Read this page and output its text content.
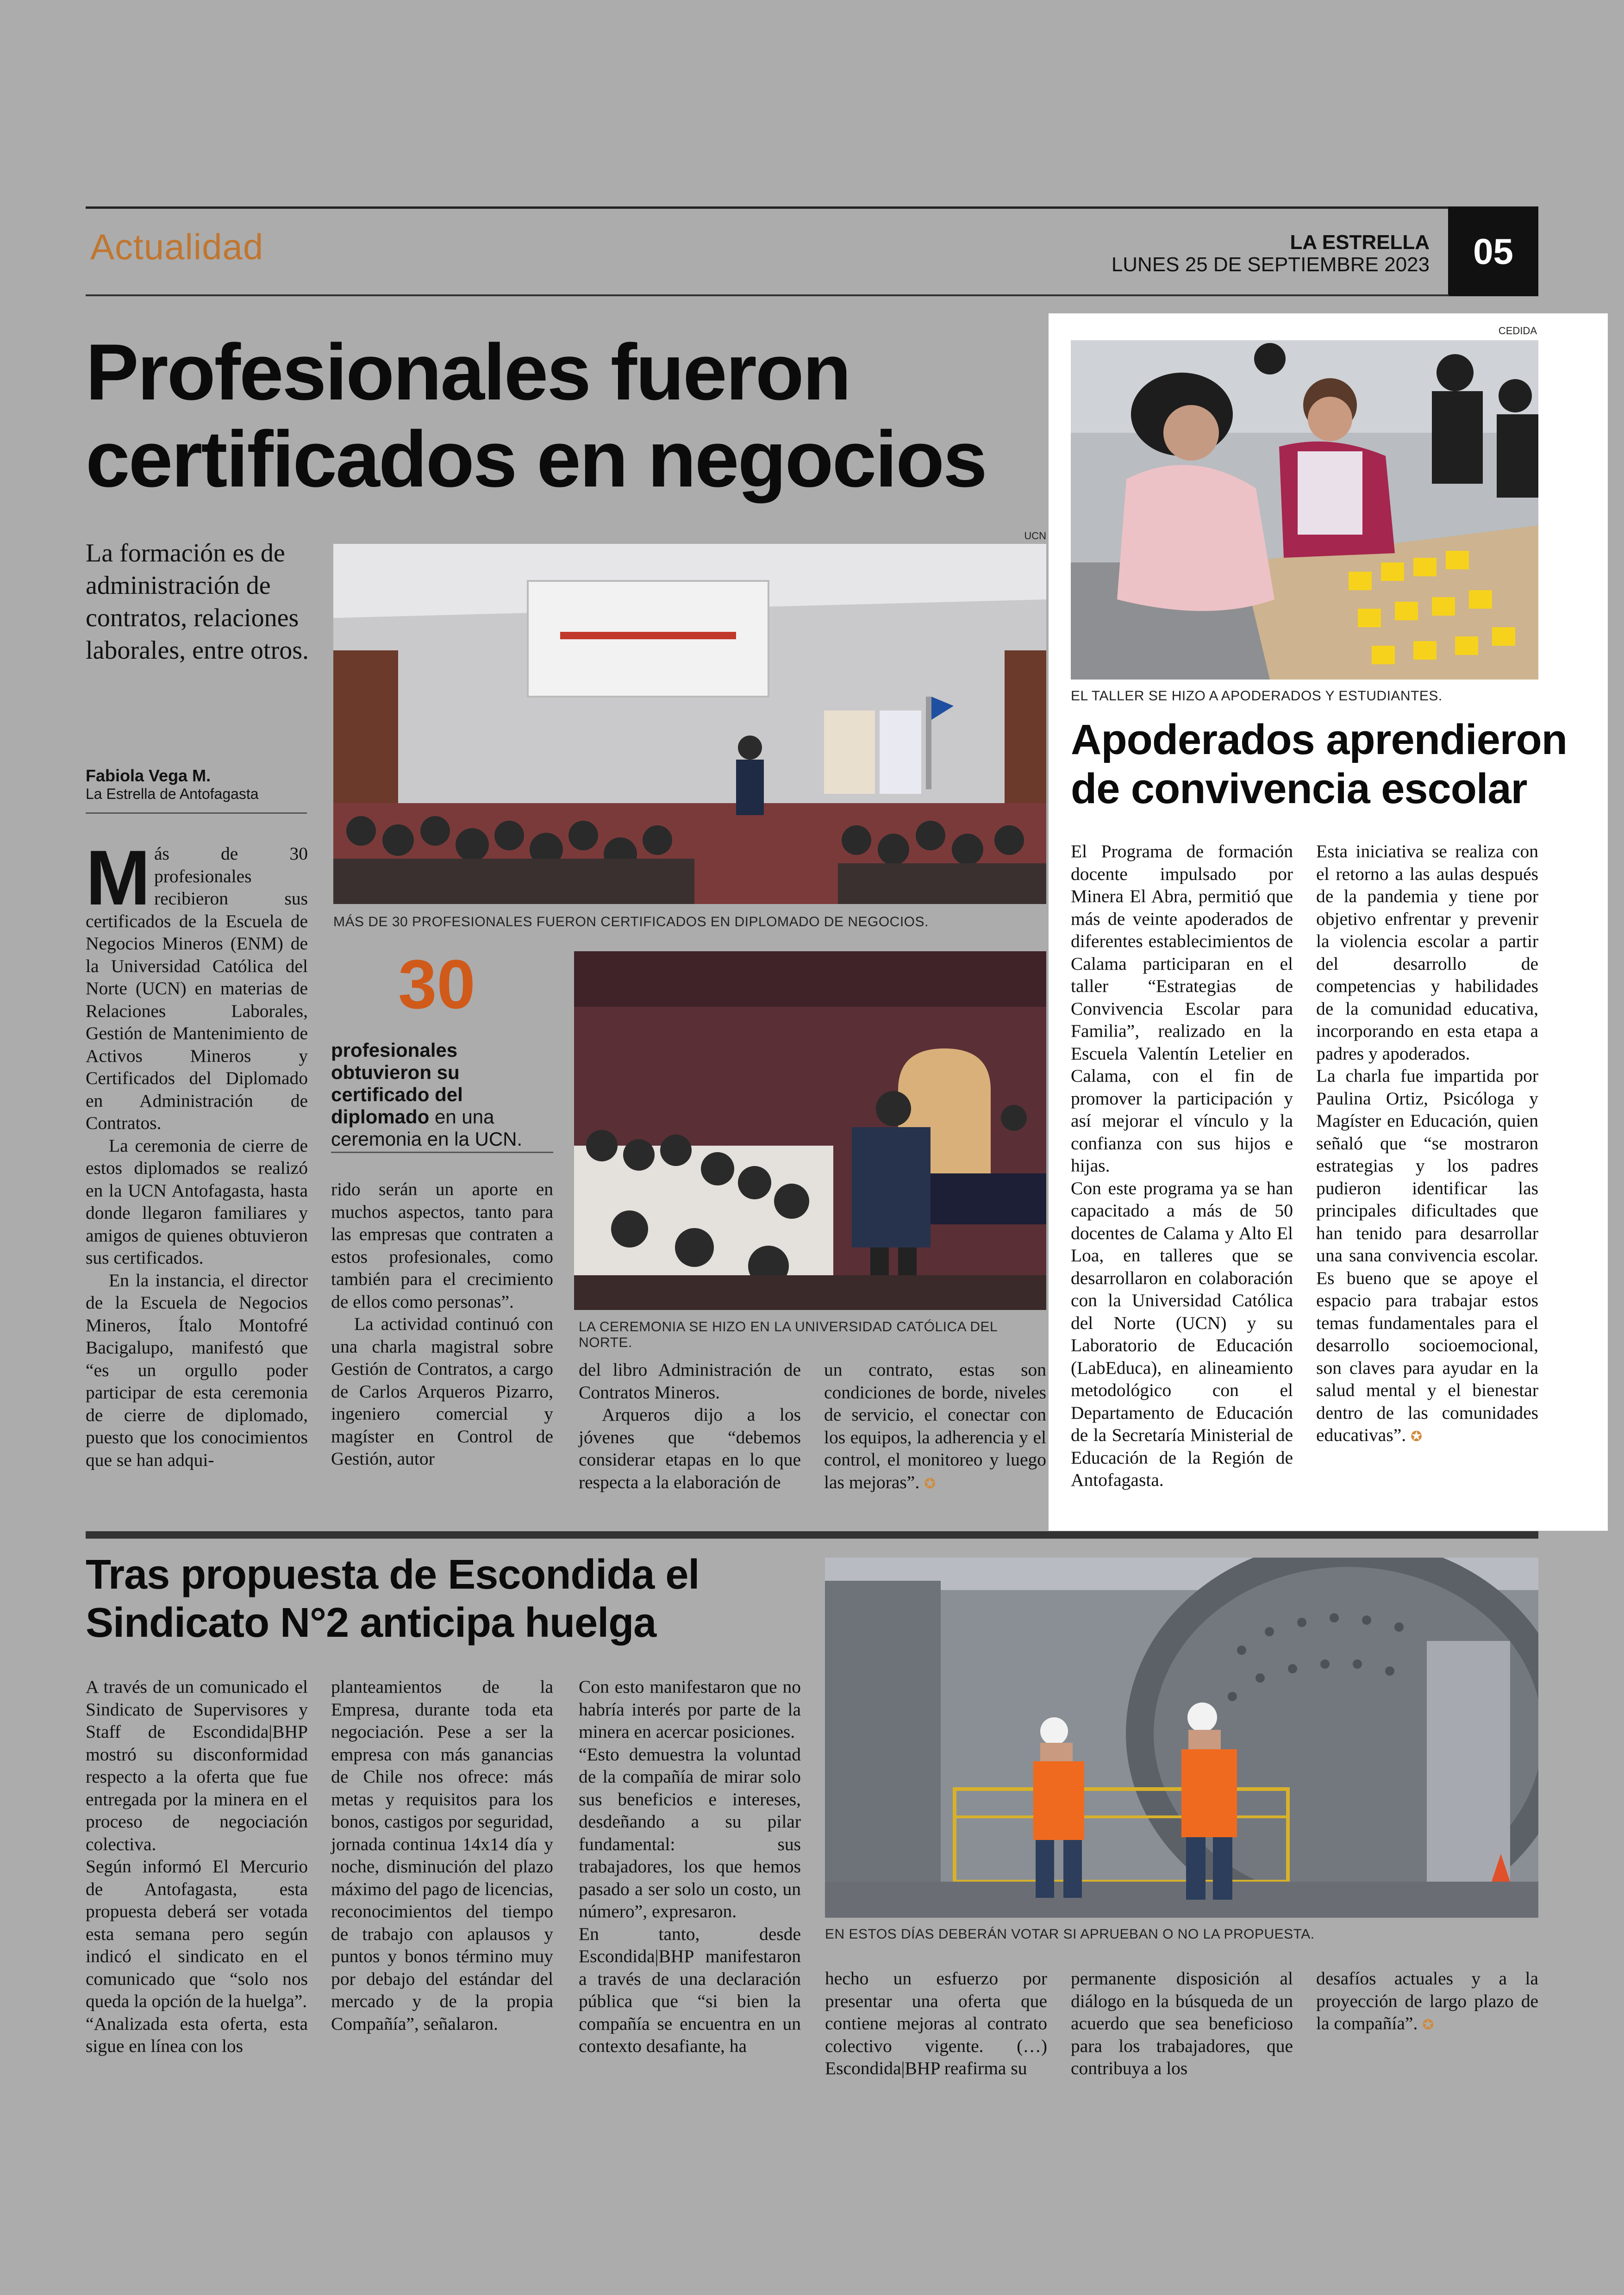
Actualidad	LA ESTRELLA
LUNES 25 DE SEPTIEMBRE 2023	05
Profesionales fueron
certificados en negocios
La formación es de administración de contratos, relaciones laborales, entre otros.
Fabiola Vega M.
La Estrella de Antofagasta
UCN
MÁS DE 30 PROFESIONALES FUERON CERTIFICADOS EN DIPLOMADO DE NEGOCIOS.
30
profesionales obtuvieron su certificado del diplomado en una ceremonia en la UCN.
LA CEREMONIA SE HIZO EN LA UNIVERSIDAD CATÓLICA DEL NORTE.

Más de 30 profesionales recibieron sus certificados de la Escuela de Negocios Mineros (ENM) de la Universidad Católica del Norte (UCN) en materias de Relaciones Laborales, Gestión de Mantenimiento de Activos Mineros y Certificados del Diplomado en Administración de Contratos.

La ceremonia de cierre de estos diplomados se realizó en la UCN Antofagasta, hasta donde llegaron familiares y amigos de quienes obtuvieron sus certificados.

En la instancia, el director de la Escuela de Negocios Mineros, Ítalo Montofré Bacigalupo, manifestó que “es un orgullo poder participar de esta ceremonia de cierre de diplomado, puesto que los conocimientos que se han adqui-

rido serán un aporte en muchos aspectos, tanto para las empresas que contraten a estos profesionales, como también para el crecimiento de ellos como personas”.

La actividad continuó con una charla magistral sobre Gestión de Contratos, a cargo de Carlos Arqueros Pizarro, ingeniero comercial y magíster en Control de Gestión, autor

del libro Administración de Contratos Mineros.

Arqueros dijo a los jóvenes que “debemos considerar etapas en lo que respecta a la elaboración de

un contrato, estas son condiciones de borde, niveles de servicio, el conectar con los equipos, la adherencia y el control, el monitoreo y luego las mejoras”. ✪

CEDIDA
EL TALLER SE HIZO A APODERADOS Y ESTUDIANTES.
Apoderados aprendieron
de convivencia escolar

El Programa de formación docente impulsado por Minera El Abra, permitió que más de veinte apoderados de diferentes establecimientos de Calama participaran en el taller “Estrategias de Convivencia Escolar para Familia”, realizado en la Escuela Valentín Letelier en Calama, con el fin de promover la participación y así mejorar el vínculo y la confianza con sus hijos e hijas.

Con este programa ya se han capacitado a más de 50 docentes de Calama y Alto El Loa, en talleres que se desarrollaron en colaboración con la Universidad Católica del Norte (UCN) y su Laboratorio de Educación (LabEduca), en alineamiento metodológico con el Departamento de Educación de la Secretaría Ministerial de Educación de la Región de Antofagasta.

Esta iniciativa se realiza con el retorno a las aulas después de la pandemia y tiene por objetivo enfrentar y prevenir la violencia escolar a partir del desarrollo de competencias y habilidades de la comunidad educativa, incorporando en esta etapa a padres y apoderados.

La charla fue impartida por Paulina Ortiz, Psicóloga y Magíster en Educación, quien señaló que “se mostraron estrategias y los padres pudieron identificar las principales dificultades que han tenido para desarrollar una sana convivencia escolar. Es bueno que se apoye el espacio para trabajar estos temas fundamentales para el desarrollo socioemocional, son claves para ayudar en la salud mental y el bienestar dentro de las comunidades educativas”. ✪

Tras propuesta de Escondida el
Sindicato N°2 anticipa huelga
EN ESTOS DÍAS DEBERÁN VOTAR SI APRUEBAN O NO LA PROPUESTA.

A través de un comunicado el Sindicato de Supervisores y Staff de Escondida|BHP mostró su disconformidad respecto a la oferta que fue entregada por la minera en el proceso de negociación colectiva.

Según informó El Mercurio de Antofagasta, esta propuesta deberá ser votada esta semana pero según indicó el sindicato en el comunicado que “solo nos queda la opción de la huelga”.

“Analizada esta oferta, esta sigue en línea con los

planteamientos de la Empresa, durante toda eta negociación. Pese a ser la empresa con más ganancias de Chile nos ofrece: más metas y requisitos para los bonos, castigos por seguridad, jornada continua 14x14 día y noche, disminución del plazo máximo del pago de licencias, reconocimientos del tiempo de trabajo con aplausos y puntos y bonos término muy por debajo del estándar del mercado y de la propia Compañía”, señalaron.

Con esto manifestaron que no habría interés por parte de la minera en acercar posiciones.

“Esto demuestra la voluntad de la compañía de mirar solo sus beneficios e intereses, desdeñando a su pilar fundamental: sus trabajadores, los que hemos pasado a ser solo un costo, un número”, expresaron.

En tanto, desde Escondida|BHP manifestaron a través de una declaración pública que “si bien la compañía se encuentra en un contexto desafiante, ha

hecho un esfuerzo por presentar una oferta que contiene mejoras al contrato colectivo vigente. (…) Escondida|BHP reafirma su

permanente disposición al diálogo en la búsqueda de un acuerdo que sea beneficioso para los trabajadores, que contribuya a los

desafíos actuales y a la proyección de largo plazo de la compañía”. ✪
